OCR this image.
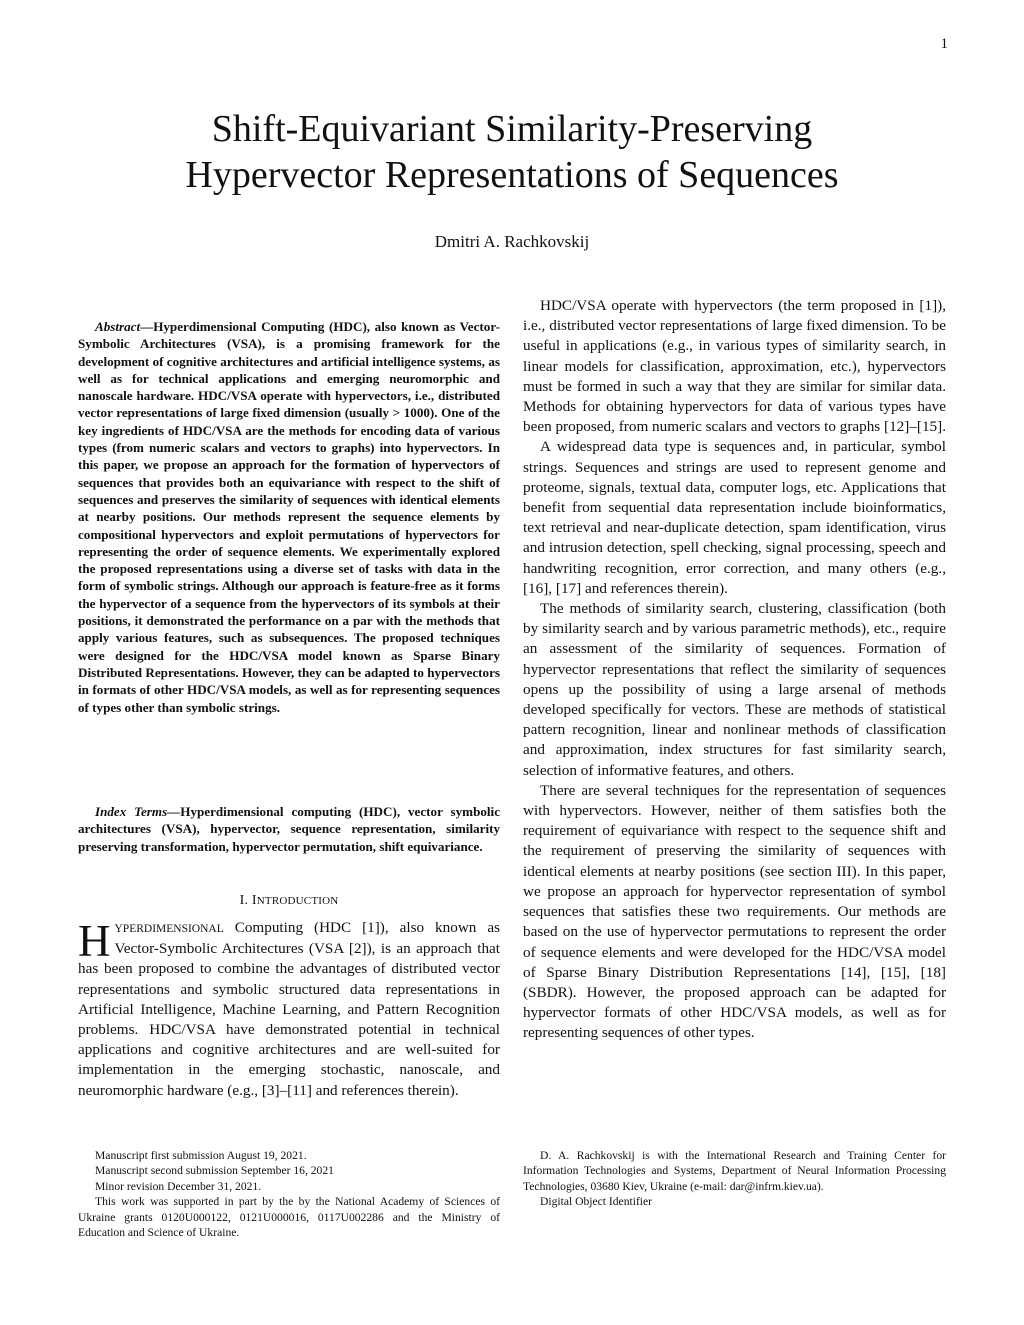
1
Shift-Equivariant Similarity-Preserving
Hypervector Representations of Sequences
Dmitri A. Rachkovskij

Abstract—Hyperdimensional Computing (HDC), also known as Vector-Symbolic Architectures (VSA), is a promising framework for the development of cognitive architectures and artificial intelligence systems, as well as for technical applications and emerging neuromorphic and nanoscale hardware. HDC/VSA operate with hypervectors, i.e., distributed vector representations of large fixed dimension (usually > 1000). One of the key ingredients of HDC/VSA are the methods for encoding data of various types (from numeric scalars and vectors to graphs) into hypervectors. In this paper, we propose an approach for the formation of hypervectors of sequences that provides both an equivariance with respect to the shift of sequences and preserves the similarity of sequences with identical elements at nearby positions. Our methods represent the sequence elements by compositional hypervectors and exploit permutations of hypervectors for representing the order of sequence elements. We experimentally explored the proposed representations using a diverse set of tasks with data in the form of symbolic strings. Although our approach is feature-free as it forms the hypervector of a sequence from the hypervectors of its symbols at their positions, it demonstrated the performance on a par with the methods that apply various features, such as subsequences. The proposed techniques were designed for the HDC/VSA model known as Sparse Binary Distributed Representations. However, they can be adapted to hypervectors in formats of other HDC/VSA models, as well as for representing sequences of types other than symbolic strings.

Index Terms—Hyperdimensional computing (HDC), vector symbolic architectures (VSA), hypervector, sequence representation, similarity preserving transformation, hypervector permutation, shift equivariance.

I. INTRODUCTION

HYPERDIMENSIONAL Computing (HDC [1]), also known as Vector-Symbolic Architectures (VSA [2]), is an approach that has been proposed to combine the advantages of distributed vector representations and symbolic structured data representations in Artificial Intelligence, Machine Learning, and Pattern Recognition problems. HDC/VSA have demonstrated potential in technical applications and cognitive architectures and are well-suited for implementation in the emerging stochastic, nanoscale, and neuromorphic hardware (e.g., [3]–[11] and references therein).

HDC/VSA operate with hypervectors (the term proposed in [1]), i.e., distributed vector representations of large fixed dimension. To be useful in applications (e.g., in various types of similarity search, in linear models for classification, approximation, etc.), hypervectors must be formed in such a way that they are similar for similar data. Methods for obtaining hypervectors for data of various types have been proposed, from numeric scalars and vectors to graphs [12]–[15].

A widespread data type is sequences and, in particular, symbol strings. Sequences and strings are used to represent genome and proteome, signals, textual data, computer logs, etc. Applications that benefit from sequential data representation include bioinformatics, text retrieval and near-duplicate detection, spam identification, virus and intrusion detection, spell checking, signal processing, speech and handwriting recognition, error correction, and many others (e.g., [16], [17] and references therein).

The methods of similarity search, clustering, classification (both by similarity search and by various parametric methods), etc., require an assessment of the similarity of sequences. Formation of hypervector representations that reflect the similarity of sequences opens up the possibility of using a large arsenal of methods developed specifically for vectors. These are methods of statistical pattern recognition, linear and nonlinear methods of classification and approximation, index structures for fast similarity search, selection of informative features, and others.

There are several techniques for the representation of sequences with hypervectors. However, neither of them satisfies both the requirement of equivariance with respect to the sequence shift and the requirement of preserving the similarity of sequences with identical elements at nearby positions (see section III). In this paper, we propose an approach for hypervector representation of symbol sequences that satisfies these two requirements. Our methods are based on the use of hypervector permutations to represent the order of sequence elements and were developed for the HDC/VSA model of Sparse Binary Distribution Representations [14], [15], [18] (SBDR). However, the proposed approach can be adapted for hypervector formats of other HDC/VSA models, as well as for representing sequences of other types.

Manuscript first submission August 19, 2021.

Manuscript second submission September 16, 2021

Minor revision December 31, 2021.

This work was supported in part by the by the National Academy of Sciences of Ukraine grants 0120U000122, 0121U000016, 0117U002286 and the Ministry of Education and Science of Ukraine.

D. A. Rachkovskij is with the International Research and Training Center for Information Technologies and Systems, Department of Neural Information Processing Technologies, 03680 Kiev, Ukraine (e-mail: dar@infrm.kiev.ua).

Digital Object Identifier
